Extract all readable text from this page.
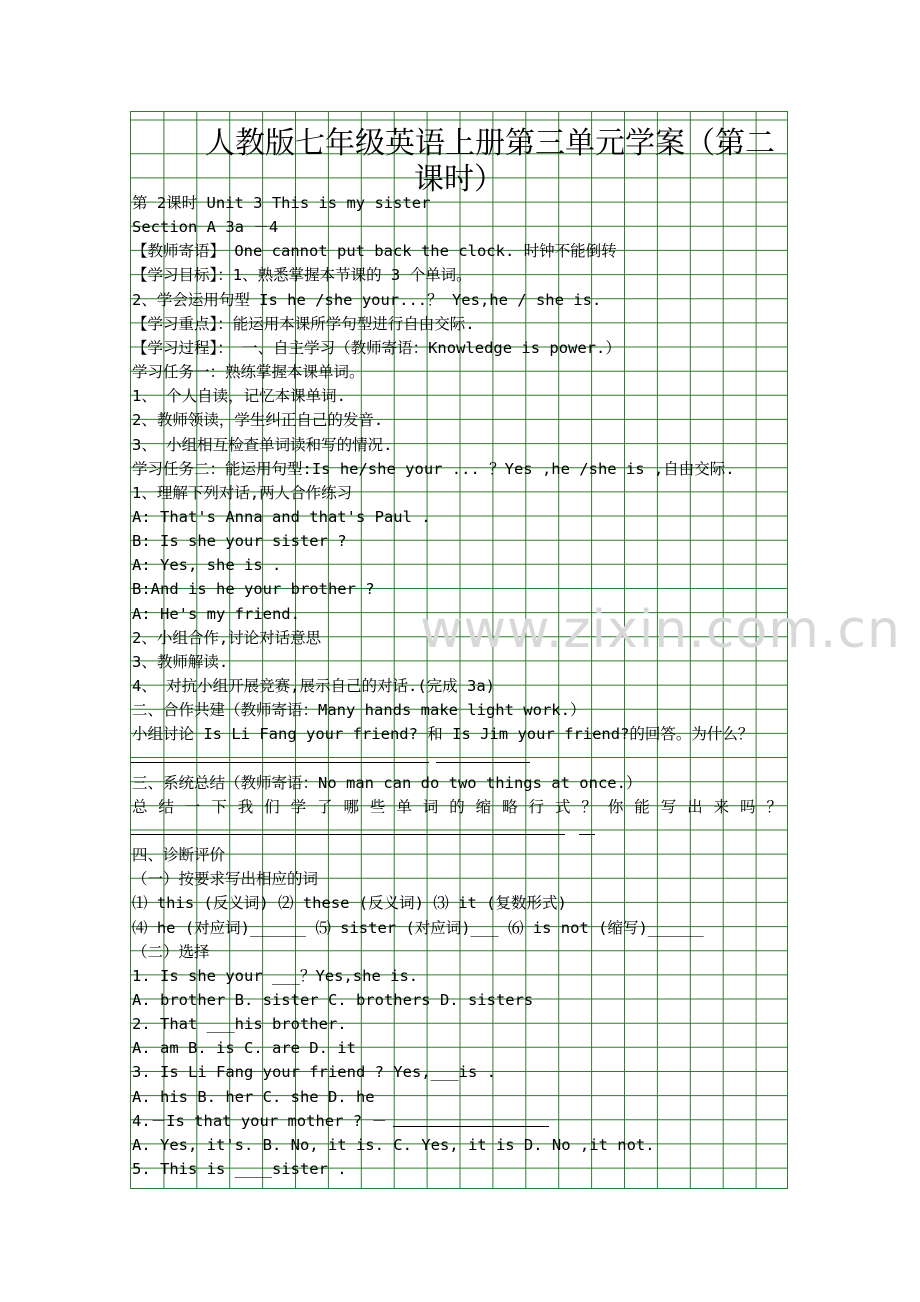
人教版七年级英语上册第三单元学案（第二
课时）
第 2课时 Unit 3 This is my sister
Section A 3a －4
【教师寄语】 One cannot put back the clock. 时钟不能倒转
【学习目标】：1、熟悉掌握本节课的 3 个单词。
2、学会运用句型 Is he /she your...？ Yes,he / she is.
【学习重点】：能运用本课所学句型进行自由交际.
【学习过程】： 一、自主学习（教师寄语：Knowledge is power.）
学习任务一：熟练掌握本课单词。
1、 个人自读，记忆本课单词.
2、教师领读，学生纠正自己的发音.
3、 小组相互检查单词读和写的情况.
学习任务二：能运用句型:Is he/she your ... ？Yes ,he /she is ,自由交际.
1、理解下列对话,两人合作练习
A: That's Anna and that's Paul .
B: Is she your sister ?
A: Yes, she is .
B:And is he your brother ?
A: He's my friend.
2、小组合作,讨论对话意思
3、教师解读.
4、 对抗小组开展竞赛,展示自己的对话.(完成 3a)
二、合作共建（教师寄语：Many hands make light work.）
小组讨论 Is Li Fang your friend? 和 Is Jim your friend?的回答。为什么？
三、系统总结（教师寄语：No man can do two things at once.）
总结一下我们学了哪些单词的缩略行式？你能写出来吗？
四、诊断评价
（一）按要求写出相应的词
⑴ this (反义词) ⑵ these (反义词) ⑶ it (复数形式)
⑷ he (对应词)______ ⑸ sister (对应词)___ ⑹ is not (缩写)______
（二）选择
1. Is she your ___？Yes,she is.
A. brother B. sister C. brothers D. sisters
2. That ___his brother.
A. am B. is C. are D. it
3. Is Li Fang your friend ? Yes,___is .
A. his B. her C. she D. he
4.－Is that your mother ? －
A. Yes, it's. B. No, it is. C. Yes, it is D. No ,it not.
5. This is ____sister .
www.zixin.com.cn
